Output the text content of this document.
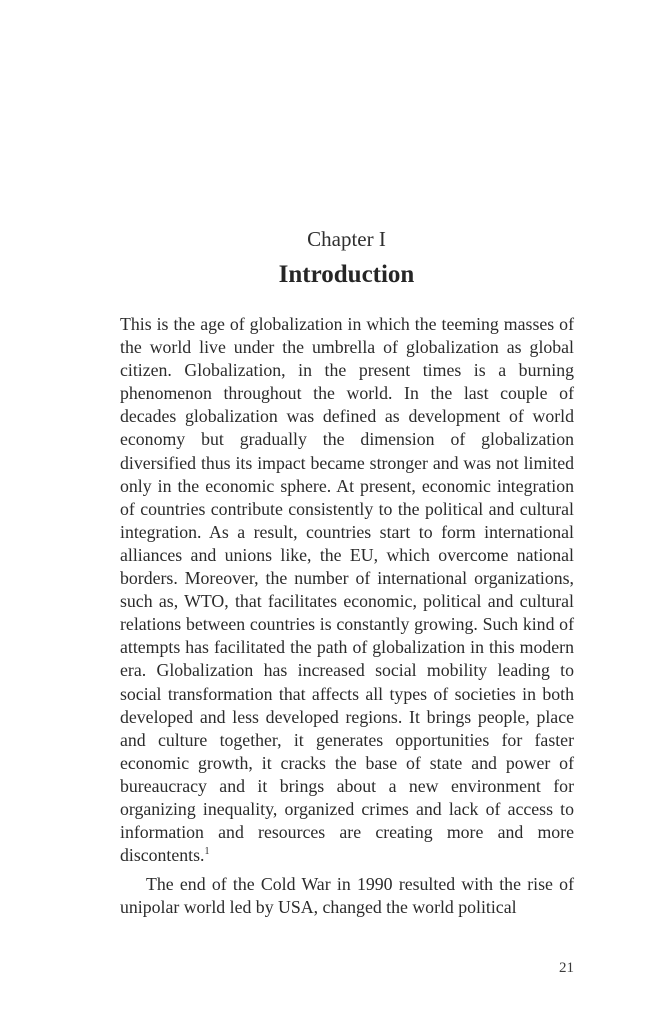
Chapter I
Introduction

This is the age of globalization in which the teeming masses of the world live under the umbrella of globalization as global citizen. Globalization, in the present times is a burning phenomenon throughout the world. In the last couple of decades globalization was defined as development of world economy but gradually the dimension of globalization diversified thus its impact became stronger and was not limited only in the economic sphere. At present, economic integration of countries contribute consistently to the political and cultural integration. As a result, countries start to form international alliances and unions like, the EU, which overcome national borders. Moreover, the number of international organizations, such as, WTO, that facilitates economic, political and cultural relations between countries is constantly growing. Such kind of attempts has facilitated the path of globalization in this modern era. Globalization has increased social mobility leading to social transformation that affects all types of societies in both developed and less developed regions. It brings people, place and culture together, it generates opportunities for faster economic growth, it cracks the base of state and power of bureaucracy and it brings about a new environment for organizing inequality, organized crimes and lack of access to information and resources are creating more and more discontents.$^1$

The end of the Cold War in 1990 resulted with the rise of unipolar world led by USA, changed the world political

21
